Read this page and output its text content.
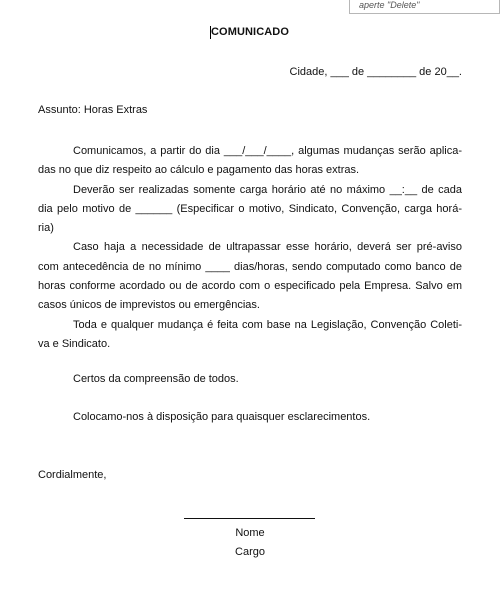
aperte "Delete"
COMUNICADO
Cidade, ___ de ________ de 20__.
Assunto: Horas Extras

Comunicamos, a partir do dia ___/___/____, algumas mudanças serão aplica-das no que diz respeito ao cálculo e pagamento das horas extras.

Deverão ser realizadas somente carga horário até no máximo __:__ de cada dia pelo motivo de ______ (Especificar o motivo, Sindicato, Convenção, carga horá-ria)

Caso haja a necessidade de ultrapassar esse horário, deverá ser pré-aviso com antecedência de no mínimo ____ dias/horas, sendo computado como banco de horas conforme acordado ou de acordo com o especificado pela Empresa. Salvo em casos únicos de imprevistos ou emergências.

Toda e qualquer mudança é feita com base na Legislação, Convenção Coleti-va e Sindicato.

Certos da compreensão de todos.
Colocamo-nos à disposição para quaisquer esclarecimentos.
Cordialmente,
Nome
Cargo
